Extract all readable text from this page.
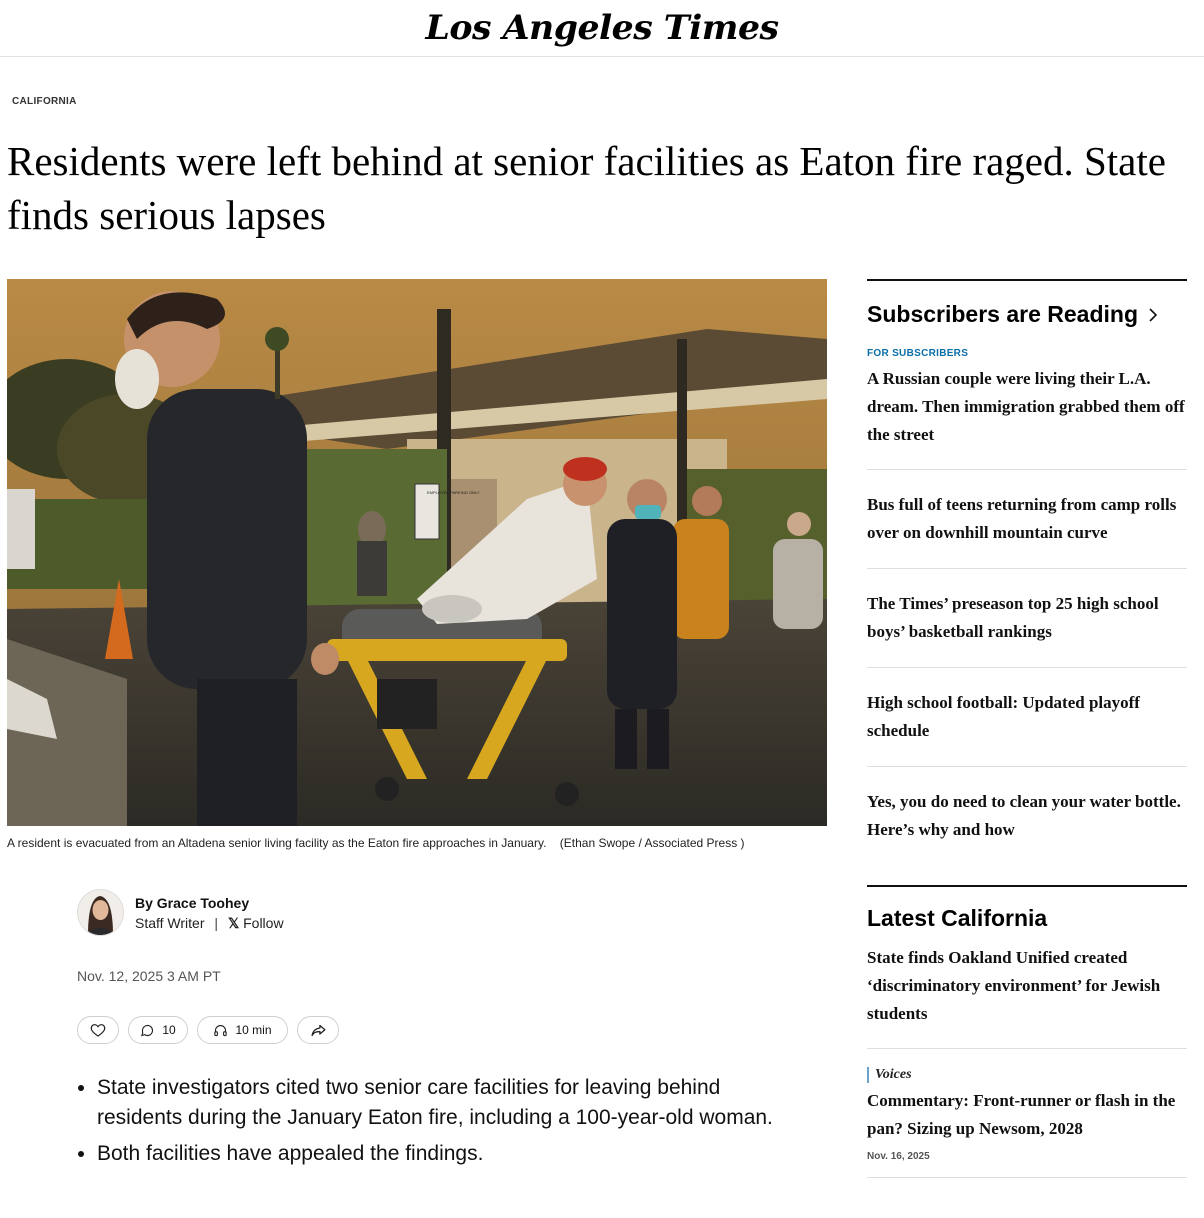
Los Angeles Times
CALIFORNIA
Residents were left behind at senior facilities as Eaton fire raged. State finds serious lapses
EMPLOYEE PARKING ONLY
A resident is evacuated from an Altadena senior living facility as the Eaton fire approaches in January. (Ethan Swope / Associated Press )
By Grace Toohey
Staff Writer | 𝕏 Follow
Nov. 12, 2025 3 AM PT
10	10 min
• State investigators cited two senior care facilities for leaving behind residents during the January Eaton fire, including a 100-year-old woman.
• Both facilities have appealed the findings.
Subscribers are Reading
FOR SUBSCRIBERS
A Russian couple were living their L.A. dream. Then immigration grabbed them off the street
Bus full of teens returning from camp rolls over on downhill mountain curve
The Times’ preseason top 25 high school boys’ basketball rankings
High school football: Updated playoff schedule
Yes, you do need to clean your water bottle. Here’s why and how
Latest California
State finds Oakland Unified created ‘discriminatory environment’ for Jewish students
Voices
Commentary: Front-runner or flash in the pan? Sizing up Newsom, 2028
Nov. 16, 2025
